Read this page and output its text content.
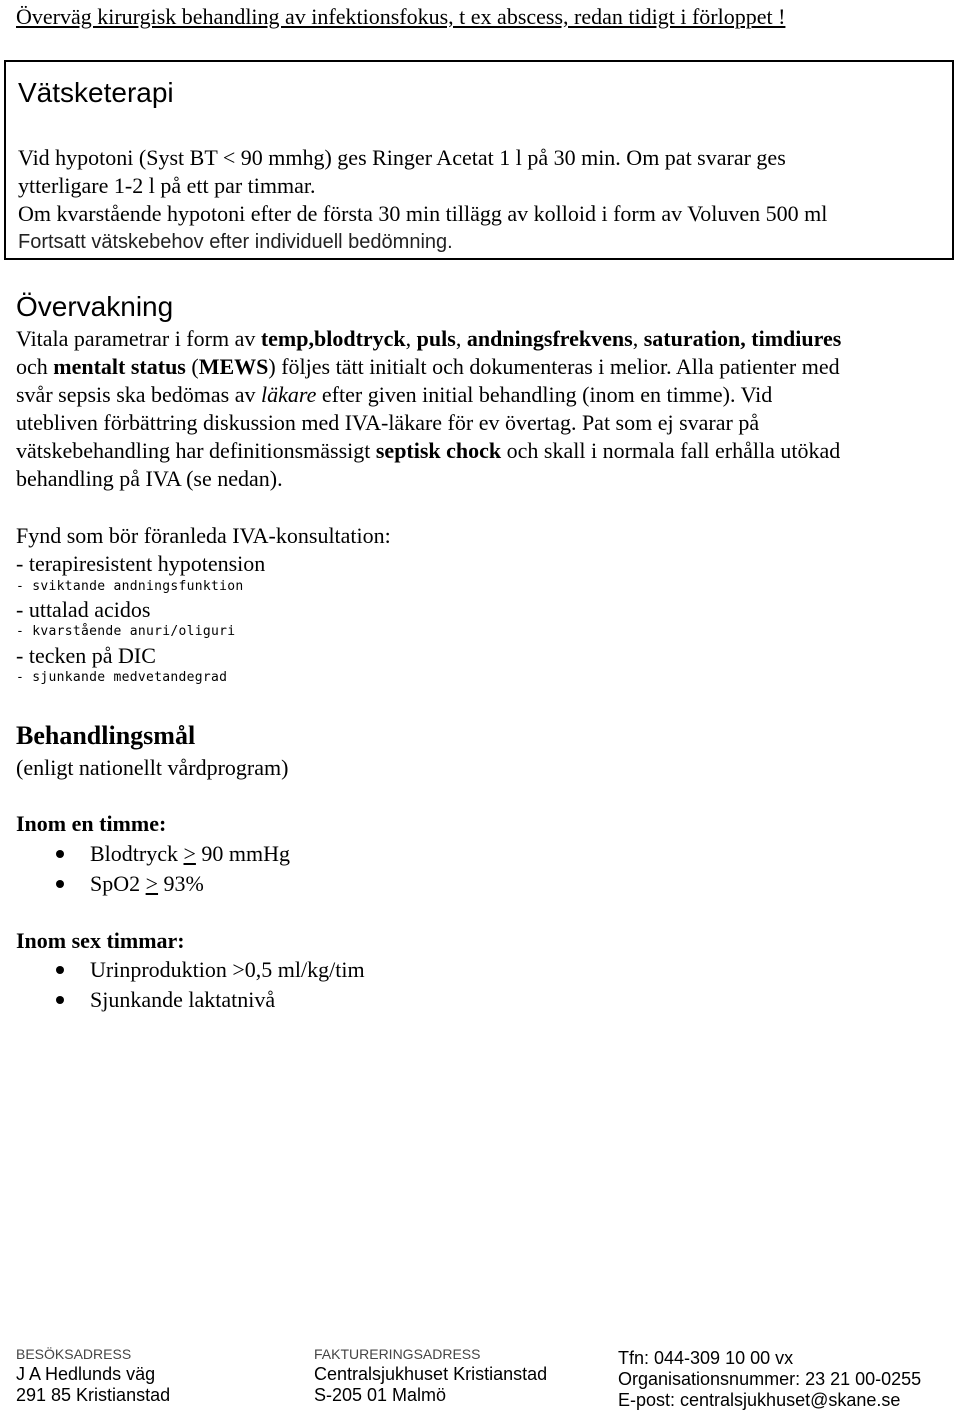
Överväg kirurgisk behandling av infektionsfokus, t ex abscess, redan tidigt i förloppet !
Vätsketerapi
Vid hypotoni (Syst BT < 90 mmhg) ges Ringer Acetat 1 l på 30 min. Om pat svarar ges
ytterligare 1-2 l på ett par timmar.
Om kvarstående hypotoni efter de första 30 min tillägg av kolloid i form av Voluven 500 ml
Fortsatt vätskebehov efter individuell bedömning.
Övervakning
Vitala parametrar i form av temp,blodtryck, puls, andningsfrekvens, saturation, timdiures
och mentalt status (MEWS) följes tätt initialt och dokumenteras i melior. Alla patienter med
svår sepsis ska bedömas av läkare efter given initial behandling (inom en timme). Vid
utebliven förbättring diskussion med IVA-läkare för ev övertag. Pat som ej svarar på
vätskebehandling har definitionsmässigt septisk chock och skall i normala fall erhålla utökad
behandling på IVA (se nedan).
Fynd som bör föranleda IVA-konsultation:
- terapiresistent hypotension
- sviktande andningsfunktion
- uttalad acidos
- kvarstående anuri/oliguri
- tecken på DIC
- sjunkande medvetandegrad
Behandlingsmål
(enligt nationellt vårdprogram)
Inom en timme:
Blodtryck > 90 mmHg
SpO2 > 93%
Inom sex timmar:
Urinproduktion >0,5 ml/kg/tim
Sjunkande laktatnivå
BESÖKSADRESS
J A Hedlunds väg
291 85 Kristianstad
FAKTURERINGSADRESS
Centralsjukhuset Kristianstad
S-205 01 Malmö
Tfn: 044-309 10 00 vx
Organisationsnummer: 23 21 00-0255
E-post: centralsjukhuset@skane.se
